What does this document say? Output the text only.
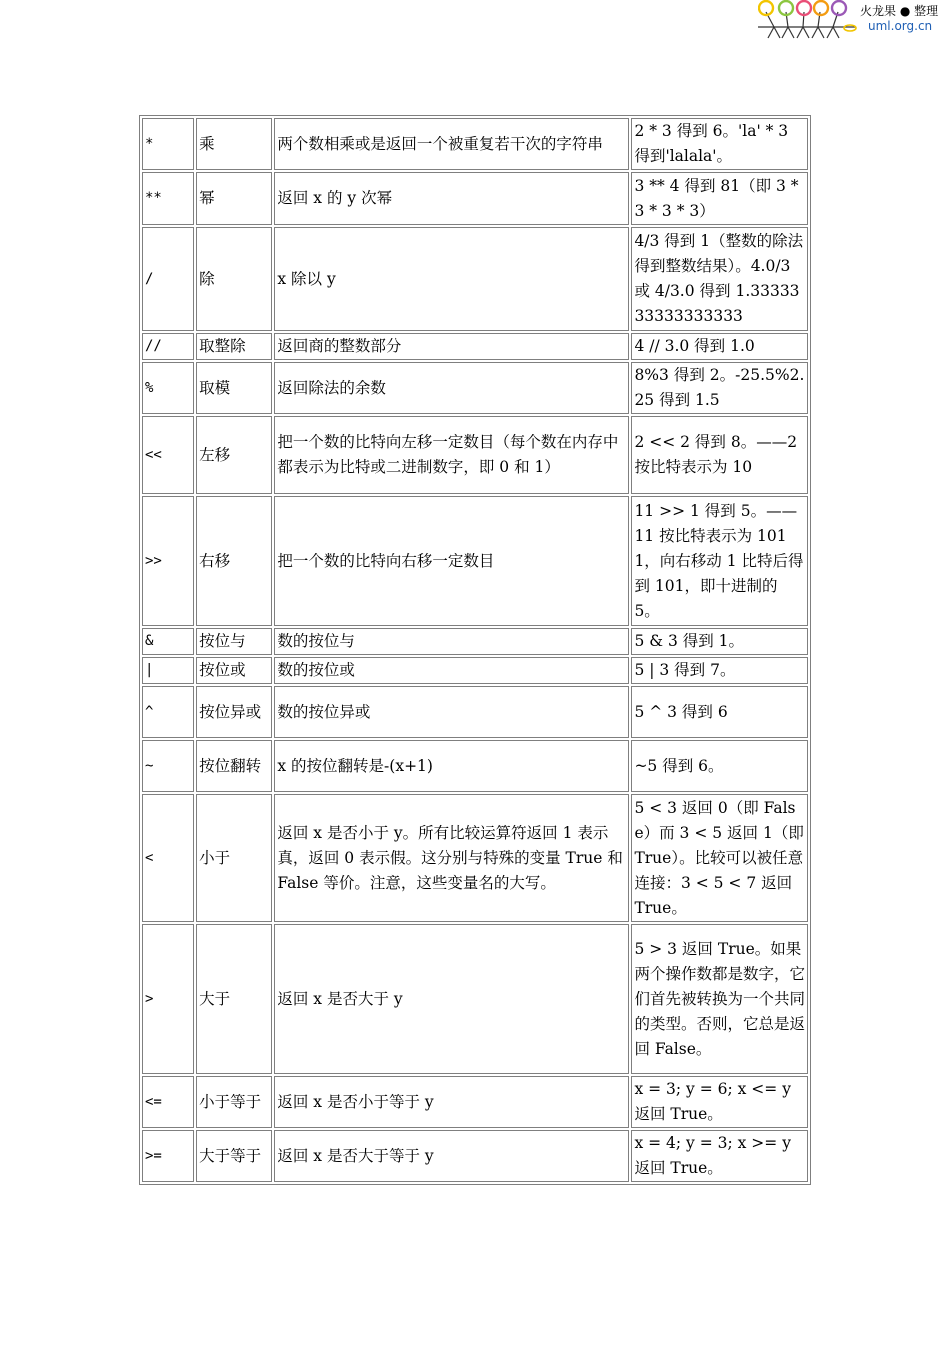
火龙果 ● 整理
uml.org.cn
*	乘	两个数相乘或是返回一个被重复若干次的字符串	2 * 3 得到 6。'la' * 3 得到'lalala'。
**	幂	返回 x 的 y 次幂	3 ** 4 得到 81（即 3 * 3 * 3 * 3）
/	除	x 除以 y	4/3 得到 1（整数的除法得到整数结果）。4.0/3 或 4/3.0 得到 1.3333333333333333
//	取整除	返回商的整数部分	4 // 3.0 得到 1.0
%	取模	返回除法的余数	8%3 得到 2。-25.5%2.25 得到 1.5
<<	左移	把一个数的比特向左移一定数目（每个数在内存中都表示为比特或二进制数字，即 0 和 1）	2 << 2 得到 8。——2 按比特表示为 10
>>	右移	把一个数的比特向右移一定数目	11 >> 1 得到 5。——11 按比特表示为 1011，向右移动 1 比特后得到 101，即十进制的 5。
&	按位与	数的按位与	5 & 3 得到 1。
|	按位或	数的按位或	5 | 3 得到 7。
^	按位异或	数的按位异或	5 ^ 3 得到 6
~	按位翻转	x 的按位翻转是-(x+1)	~5 得到 6。
<	小于	返回 x 是否小于 y。所有比较运算符返回 1 表示真，返回 0 表示假。这分别与特殊的变量 True 和 False 等价。注意，这些变量名的大写。	5 < 3 返回 0（即 False）而 3 < 5 返回 1（即 True）。比较可以被任意连接：3 < 5 < 7 返回 True。
>	大于	返回 x 是否大于 y	5 > 3 返回 True。如果两个操作数都是数字，它们首先被转换为一个共同的类型。否则，它总是返回 False。
<=	小于等于	返回 x 是否小于等于 y	x = 3; y = 6; x <= y 返回 True。
>=	大于等于	返回 x 是否大于等于 y	x = 4; y = 3; x >= y 返回 True。
